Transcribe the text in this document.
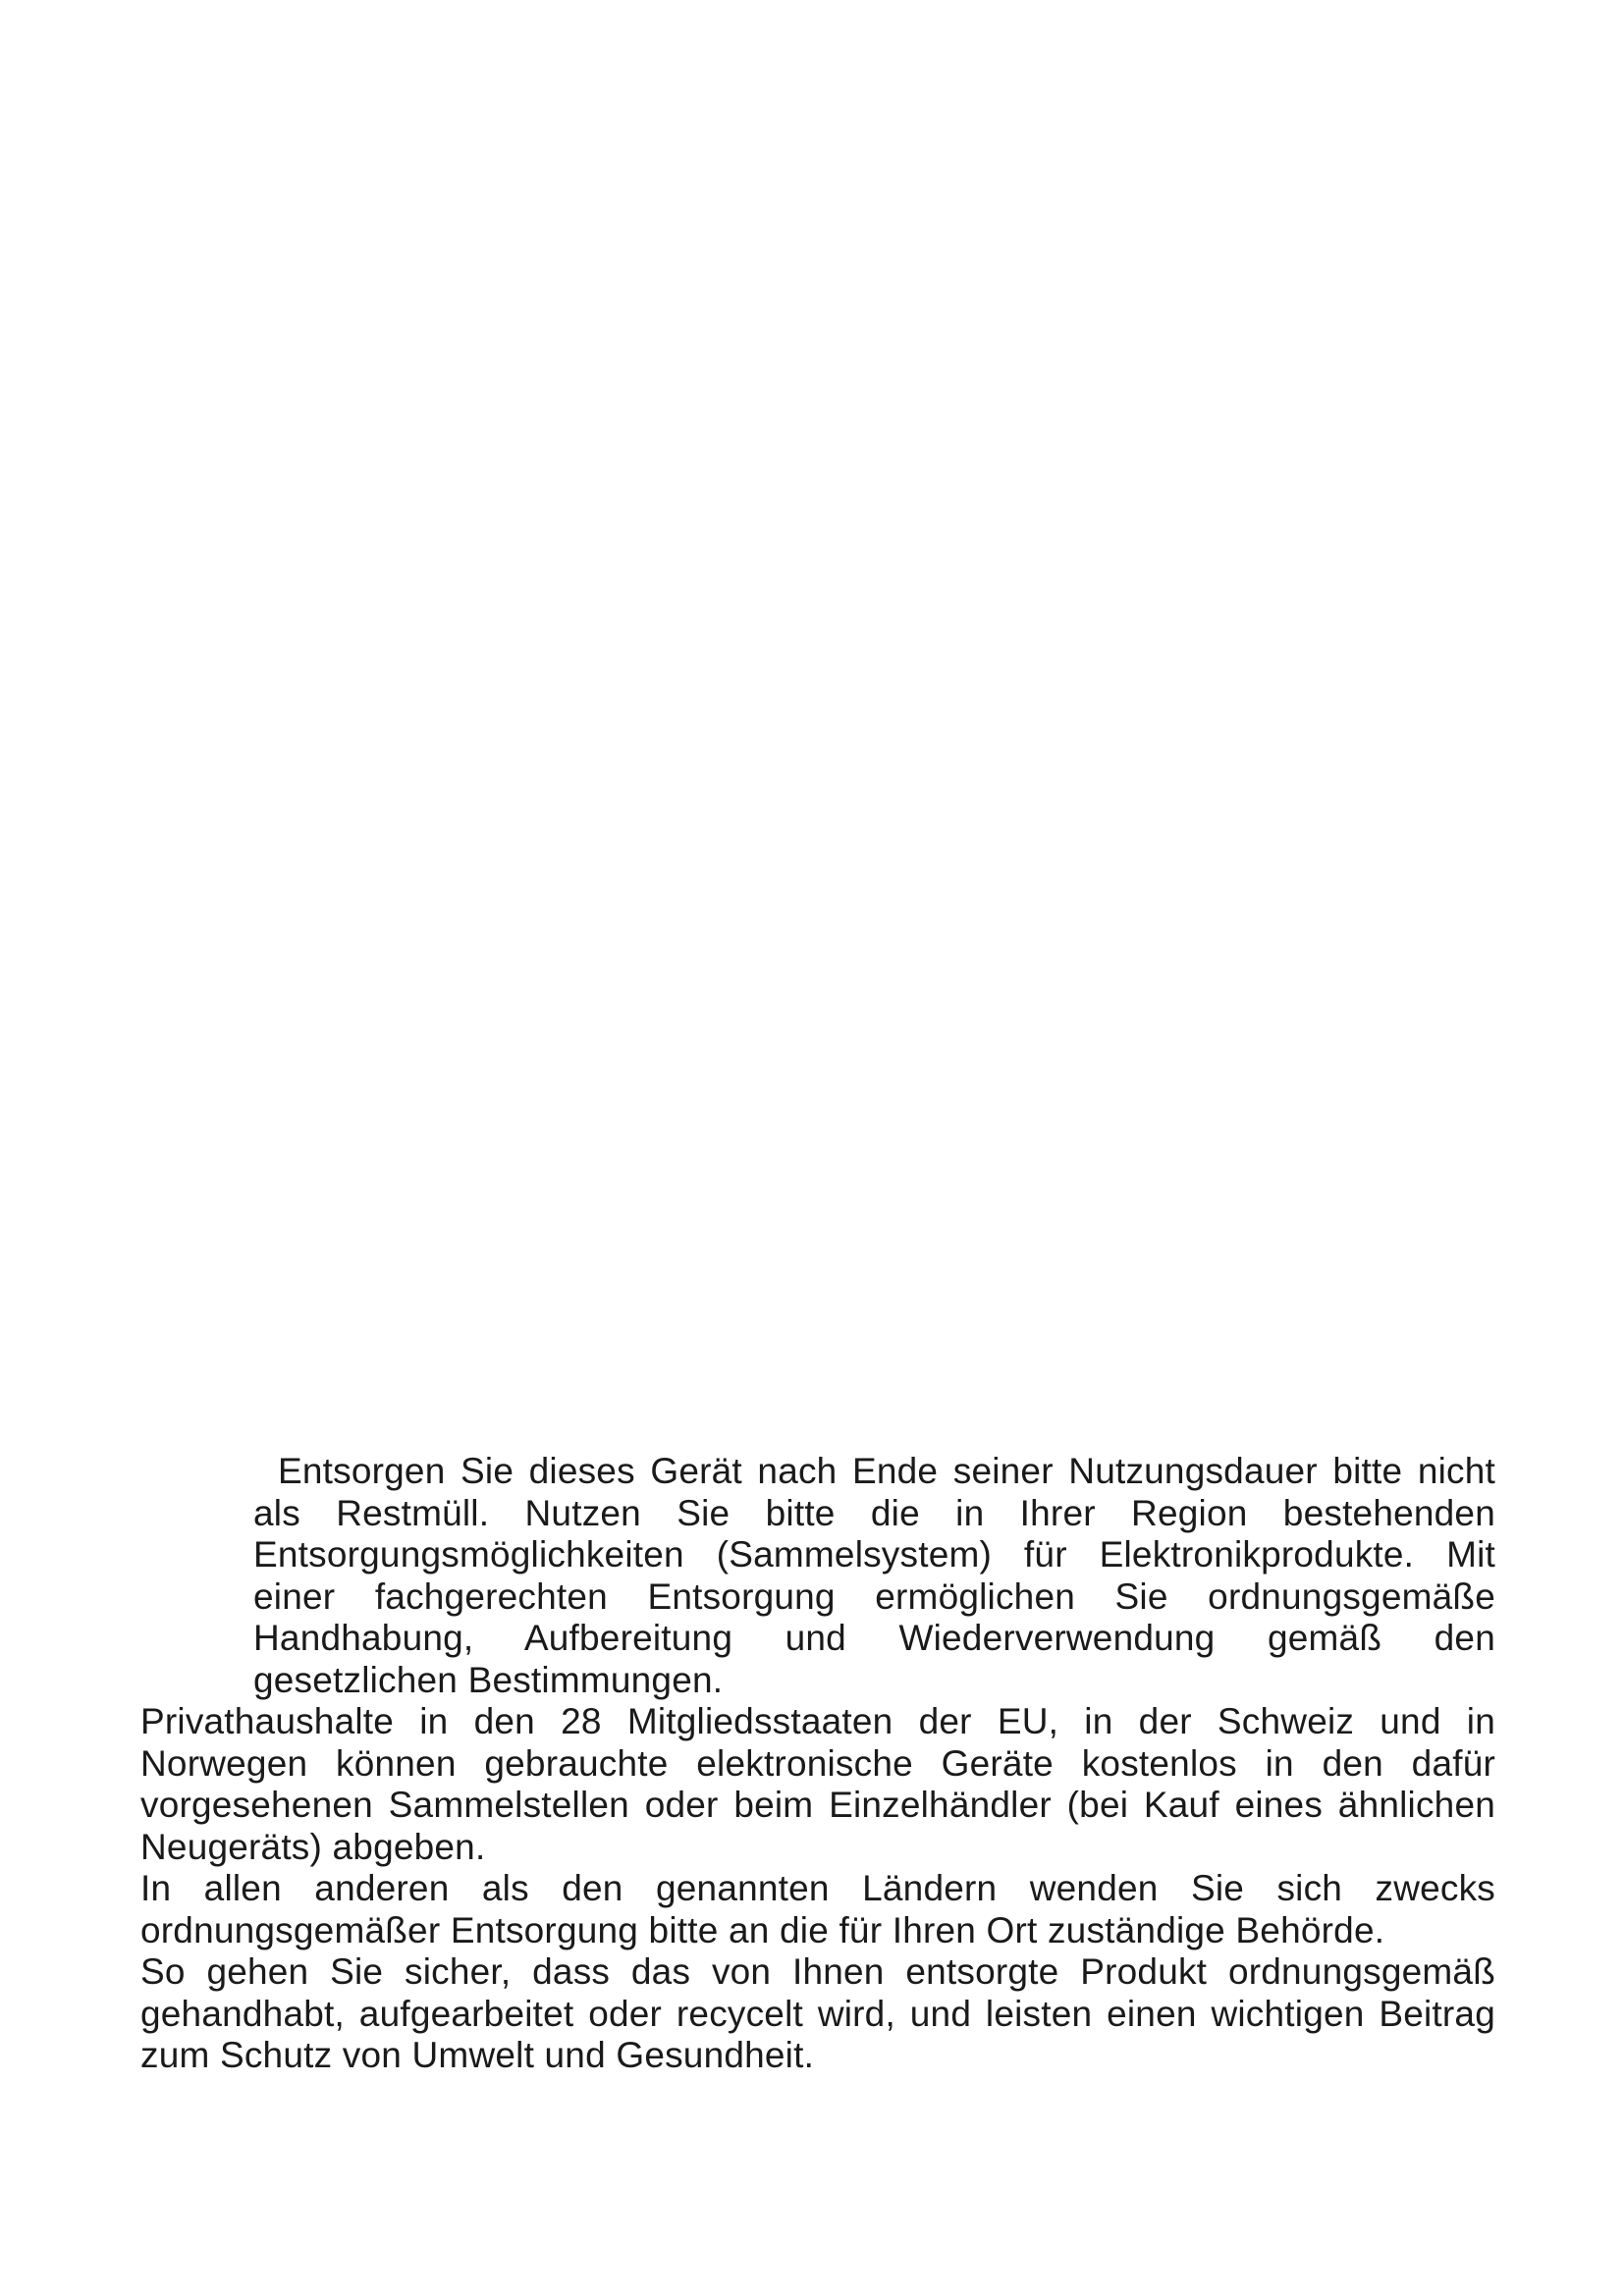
Entsorgen Sie dieses Gerät nach Ende seiner Nutzungsdauer bitte nicht als Restmüll. Nutzen Sie bitte die in Ihrer Region bestehenden Entsorgungsmöglichkeiten (Sammelsystem) für Elektronikprodukte. Mit einer fachgerechten Entsorgung ermöglichen Sie ordnungsgemäße Handhabung, Aufbereitung und Wiederverwendung gemäß den gesetzlichen Bestimmungen.

Privathaushalte in den 28 Mitgliedsstaaten der EU, in der Schweiz und in Norwegen können gebrauchte elektronische Geräte kostenlos in den dafür vorgesehenen Sammelstellen oder beim Einzelhändler (bei Kauf eines ähnlichen Neugeräts) abgeben.

In allen anderen als den genannten Ländern wenden Sie sich zwecks ordnungsgemäßer Entsorgung bitte an die für Ihren Ort zuständige Behörde.

So gehen Sie sicher, dass das von Ihnen entsorgte Produkt ordnungsgemäß gehandhabt, aufgearbeitet oder recycelt wird, und leisten einen wichtigen Beitrag zum Schutz von Umwelt und Gesundheit.
